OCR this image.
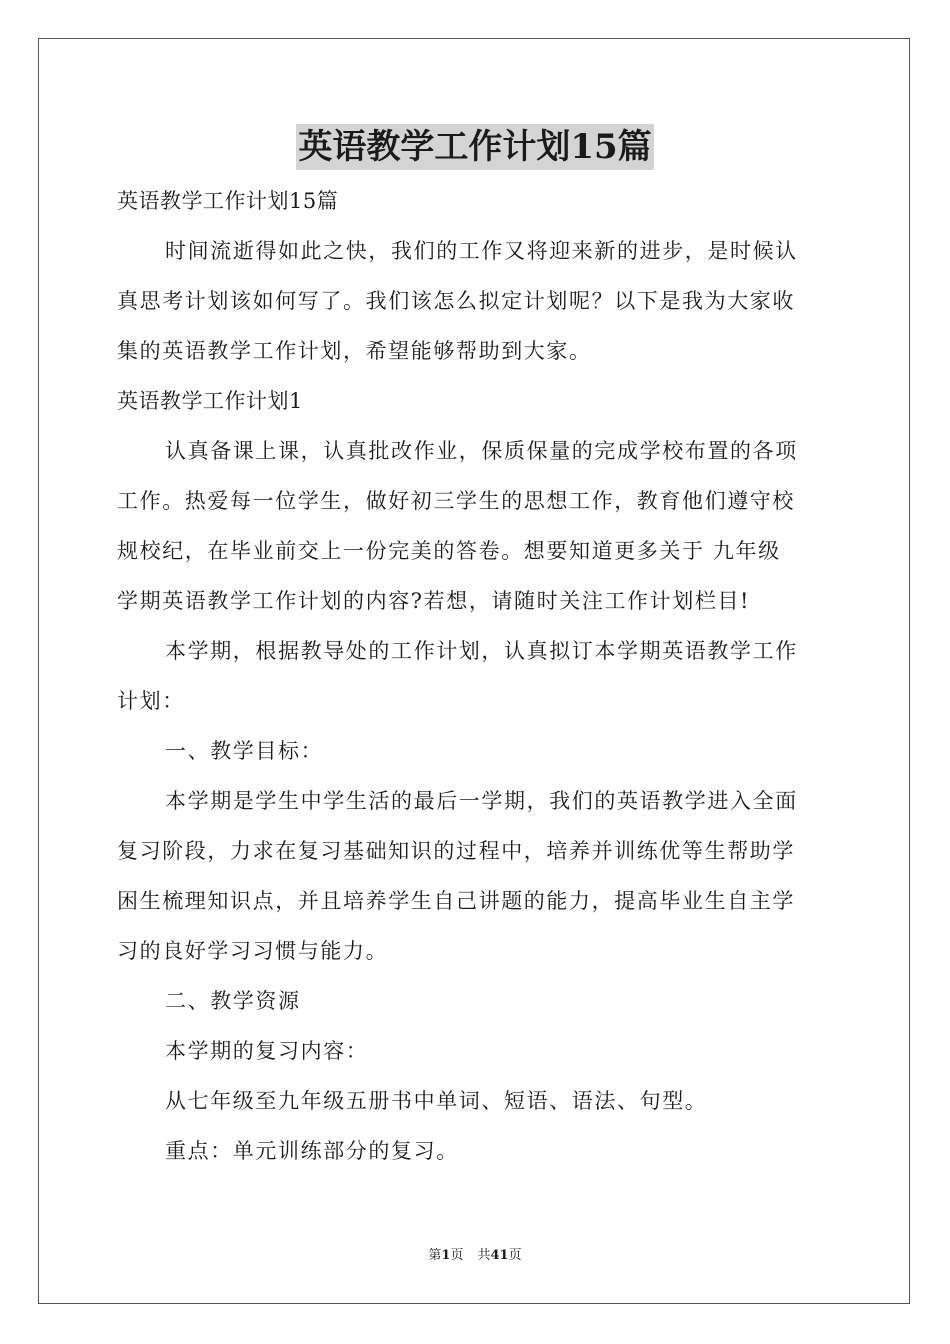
英语教学工作计划15篇
英语教学工作计划15篇
时间流逝得如此之快，我们的工作又将迎来新的进步，是时候认
真思考计划该如何写了。我们该怎么拟定计划呢？以下是我为大家收
集的英语教学工作计划，希望能够帮助到大家。
英语教学工作计划1
认真备课上课，认真批改作业，保质保量的完成学校布置的各项
工作。热爱每一位学生，做好初三学生的思想工作，教育他们遵守校
规校纪，在毕业前交上一份完美的答卷。想要知道更多关于 九年级
学期英语教学工作计划的内容?若想，请随时关注工作计划栏目!
本学期，根据教导处的工作计划，认真拟订本学期英语教学工作
计划：
一、教学目标：
本学期是学生中学生活的最后一学期，我们的英语教学进入全面
复习阶段，力求在复习基础知识的过程中，培养并训练优等生帮助学
困生梳理知识点，并且培养学生自己讲题的能力，提高毕业生自主学
习的良好学习习惯与能力。
二、教学资源
本学期的复习内容：
从七年级至九年级五册书中单词、短语、语法、句型。
重点：单元训练部分的复习。
第1页 共41页
